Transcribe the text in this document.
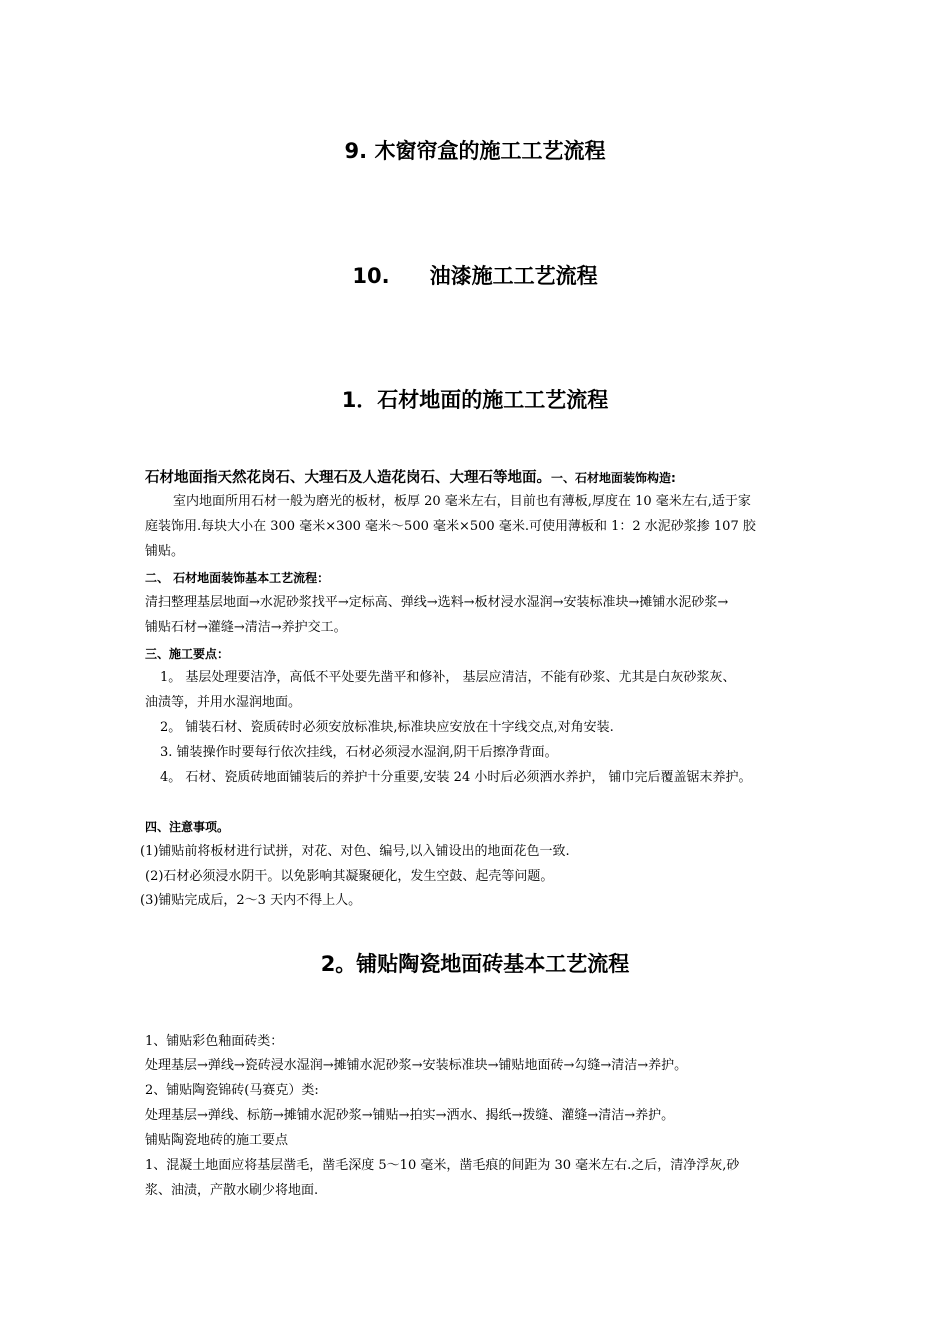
9. 木窗帘盒的施工工艺流程
10. 油漆施工工艺流程
1．石材地面的施工工艺流程
石材地面指天然花岗石、大理石及人造花岗石、大理石等地面。一、石材地面装饰构造:
室内地面所用石材一般为磨光的板材，板厚 20 毫米左右，目前也有薄板,厚度在 10 毫米左右,适于家
庭装饰用.每块大小在 300 毫米×300 毫米～500 毫米×500 毫米.可使用薄板和 1：2 水泥砂浆掺 107 胶
铺贴。
二、 石材地面装饰基本工艺流程：
清扫整理基层地面→水泥砂浆找平→定标高、弹线→选料→板材浸水湿润→安装标准块→摊铺水泥砂浆→
铺贴石材→灌缝→清洁→养护交工。
三、施工要点：
1。 基层处理要洁净，高低不平处要先凿平和修补， 基层应清洁，不能有砂浆、尤其是白灰砂浆灰、
油渍等，并用水湿润地面。
2。 铺装石材、瓷质砖时必须安放标准块,标准块应安放在十字线交点,对角安装.
3. 铺装操作时要每行依次挂线，石材必须浸水湿润,阴干后擦净背面。
4。 石材、瓷质砖地面铺装后的养护十分重要,安装 24 小时后必须洒水养护， 铺巾完后覆盖锯末养护。
四、注意事项。
(1)铺贴前将板材进行试拼，对花、对色、编号,以入铺设出的地面花色一致.
(2)石材必须浸水阴干。以免影响其凝聚硬化，发生空鼓、起壳等问题。
(3)铺贴完成后，2～3 天内不得上人。
2。铺贴陶瓷地面砖基本工艺流程
1、铺贴彩色釉面砖类：
处理基层→弹线→瓷砖浸水湿润→摊铺水泥砂浆→安装标准块→铺贴地面砖→勾缝→清洁→养护。
2、铺贴陶瓷锦砖(马赛克）类:
处理基层→弹线、标筋→摊铺水泥砂浆→铺贴→拍实→洒水、揭纸→拨缝、灌缝→清洁→养护。
铺贴陶瓷地砖的施工要点
1、混凝土地面应将基层凿毛，凿毛深度 5～10 毫米，凿毛痕的间距为 30 毫米左右.之后，清净浮灰,砂
浆、油渍，产散水刷少将地面.
